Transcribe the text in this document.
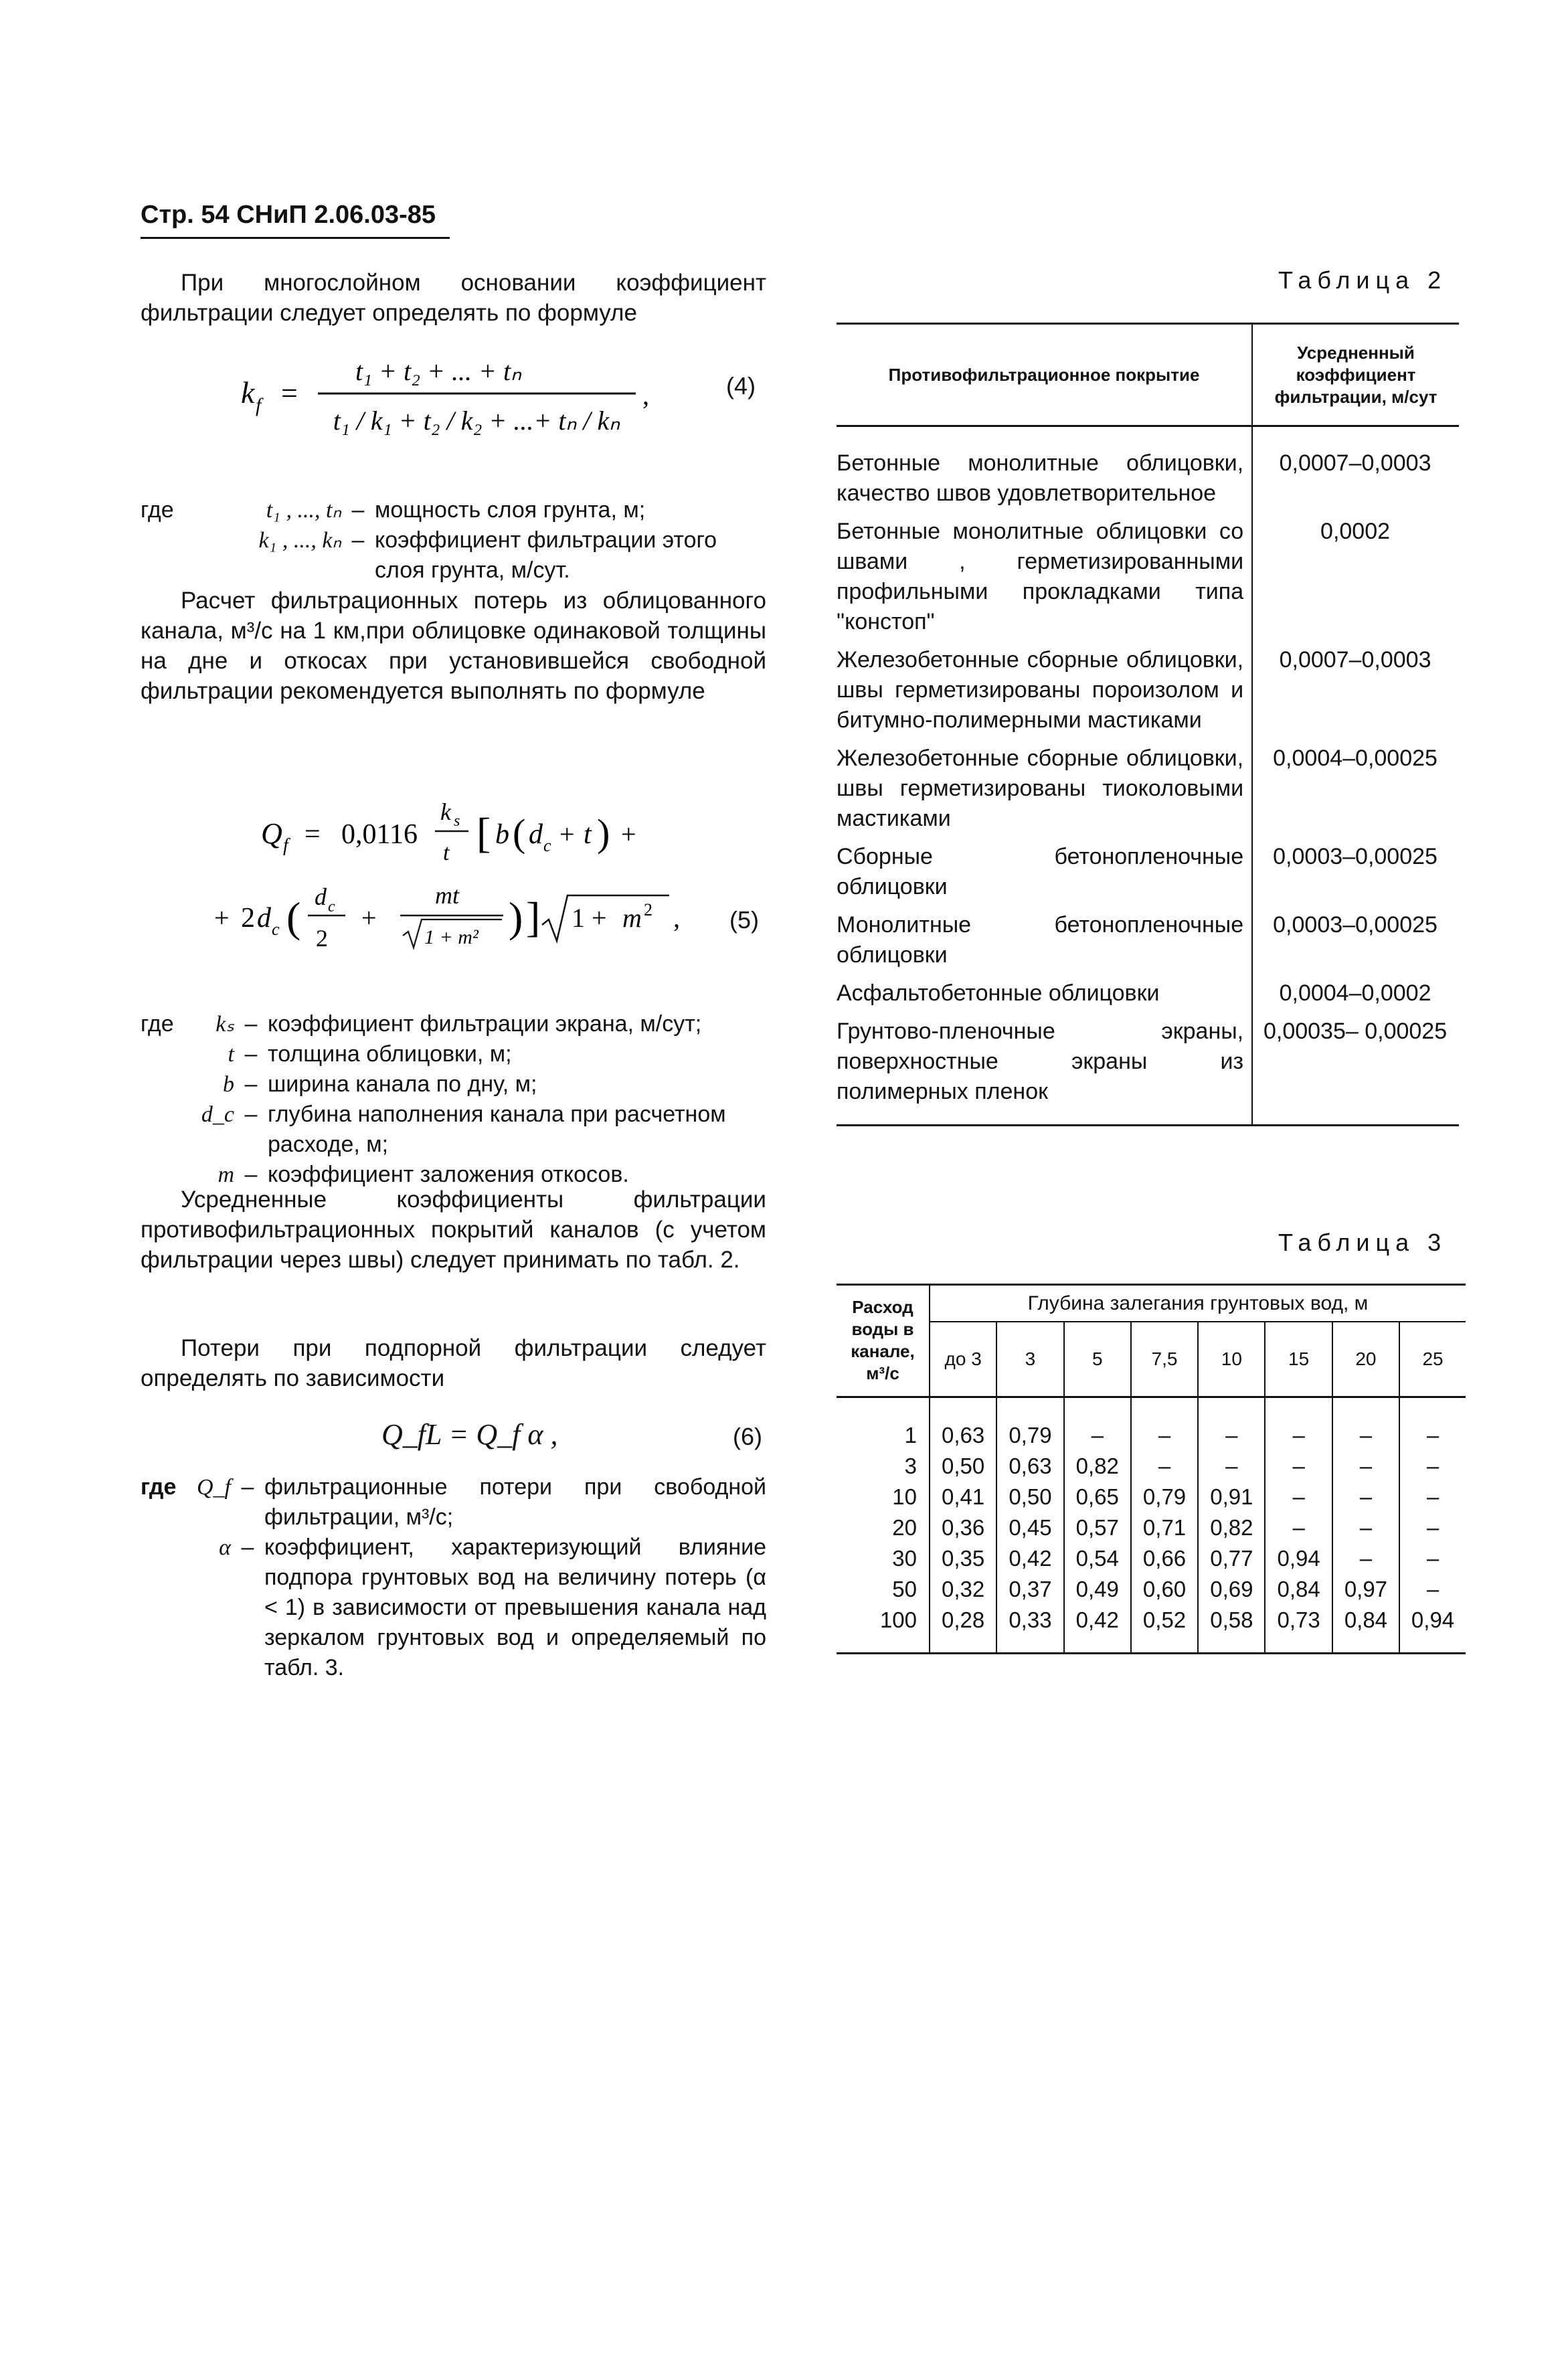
Стр. 54 СНиП 2.06.03-85

При многослойном основании коэффициент фильтрации следует определять по формуле

k f =
t₁ + t₂ + ... + tₙ
t₁ / k₁ + t₂ / k₂ + ...+ tₙ / kₙ
,	(4)
где	t₁ , ..., tₙ – мощность слоя грунта, м;
k₁ , ..., kₙ – коэффициент фильтрации этого слоя грунта, м/сут.

Расчет фильтрационных потерь из облицованного канала, м³/с на 1 км,при облицовке одинаковой толщины на дне и откосах при установившейся свободной фильтрации рекомендуется выполнять по формуле

Q f = 0,0116
k s
t [ b ( d c + t ) +
+ 2 d c ( d c
2
+
mt
1 + m² ) ] 1 + m 2 , (5)
где	kₛ – коэффициент фильтрации экрана, м/сут;
t – толщина облицовки, м;
b – ширина канала по дну, м;
d_c – глубина наполнения канала при расчетном расходе, м;
m – коэффициент заложения откосов.

Усредненные коэффициенты фильтрации противофильтрационных покрытий каналов (с учетом фильтрации через швы) следует принимать по табл. 2.

Потери при подпорной фильтрации следует определять по зависимости

Q_fL = Q_f α ,	(6)
где Q_f – фильтрационные потери при свободной фильтрации, м³/с;
α – коэффициент, характеризующий влияние подпора грунтовых вод на величину потерь (α < 1) в зависимости от превышения канала над зеркалом грунтовых вод и определяемый по табл. 3.
Таблица 2
Противофильтрационное покрытие	Усредненный коэффициент фильтрации, м/сут
Бетонные монолитные облицовки, качество швов удовлетворительное	0,0007–0,0003
Бетонные монолитные облицовки со швами , герметизированными профильными прокладками типа "конcтоп"	0,0002
Железобетонные сборные облицовки, швы герметизированы пороизолом и битумно-полимерными мастиками	0,0007–0,0003
Железобетонные сборные облицовки, швы герметизированы тиоколовыми мастиками	0,0004–0,00025
Сборные бетонопленочные облицовки	0,0003–0,00025
Монолитные бетонопленочные облицовки	0,0003–0,00025
Асфальтобетонные облицовки	0,0004–0,0002
Грунтово-пленочные экраны, поверхностные экраны из полимерных пленок	0,00035– 0,00025
Таблица 3
Расход воды в канале, м³/с	Глубина залегания грунтовых вод, м							
	до 3	3	5	7,5	10	15	20	25
1	0,63	0,79	–	–	–	–	–	–
3	0,50	0,63	0,82	–	–	–	–	–
10	0,41	0,50	0,65	0,79	0,91	–	–	–
20	0,36	0,45	0,57	0,71	0,82	–	–	–
30	0,35	0,42	0,54	0,66	0,77	0,94	–	–
50	0,32	0,37	0,49	0,60	0,69	0,84	0,97	–
100	0,28	0,33	0,42	0,52	0,58	0,73	0,84	0,94
